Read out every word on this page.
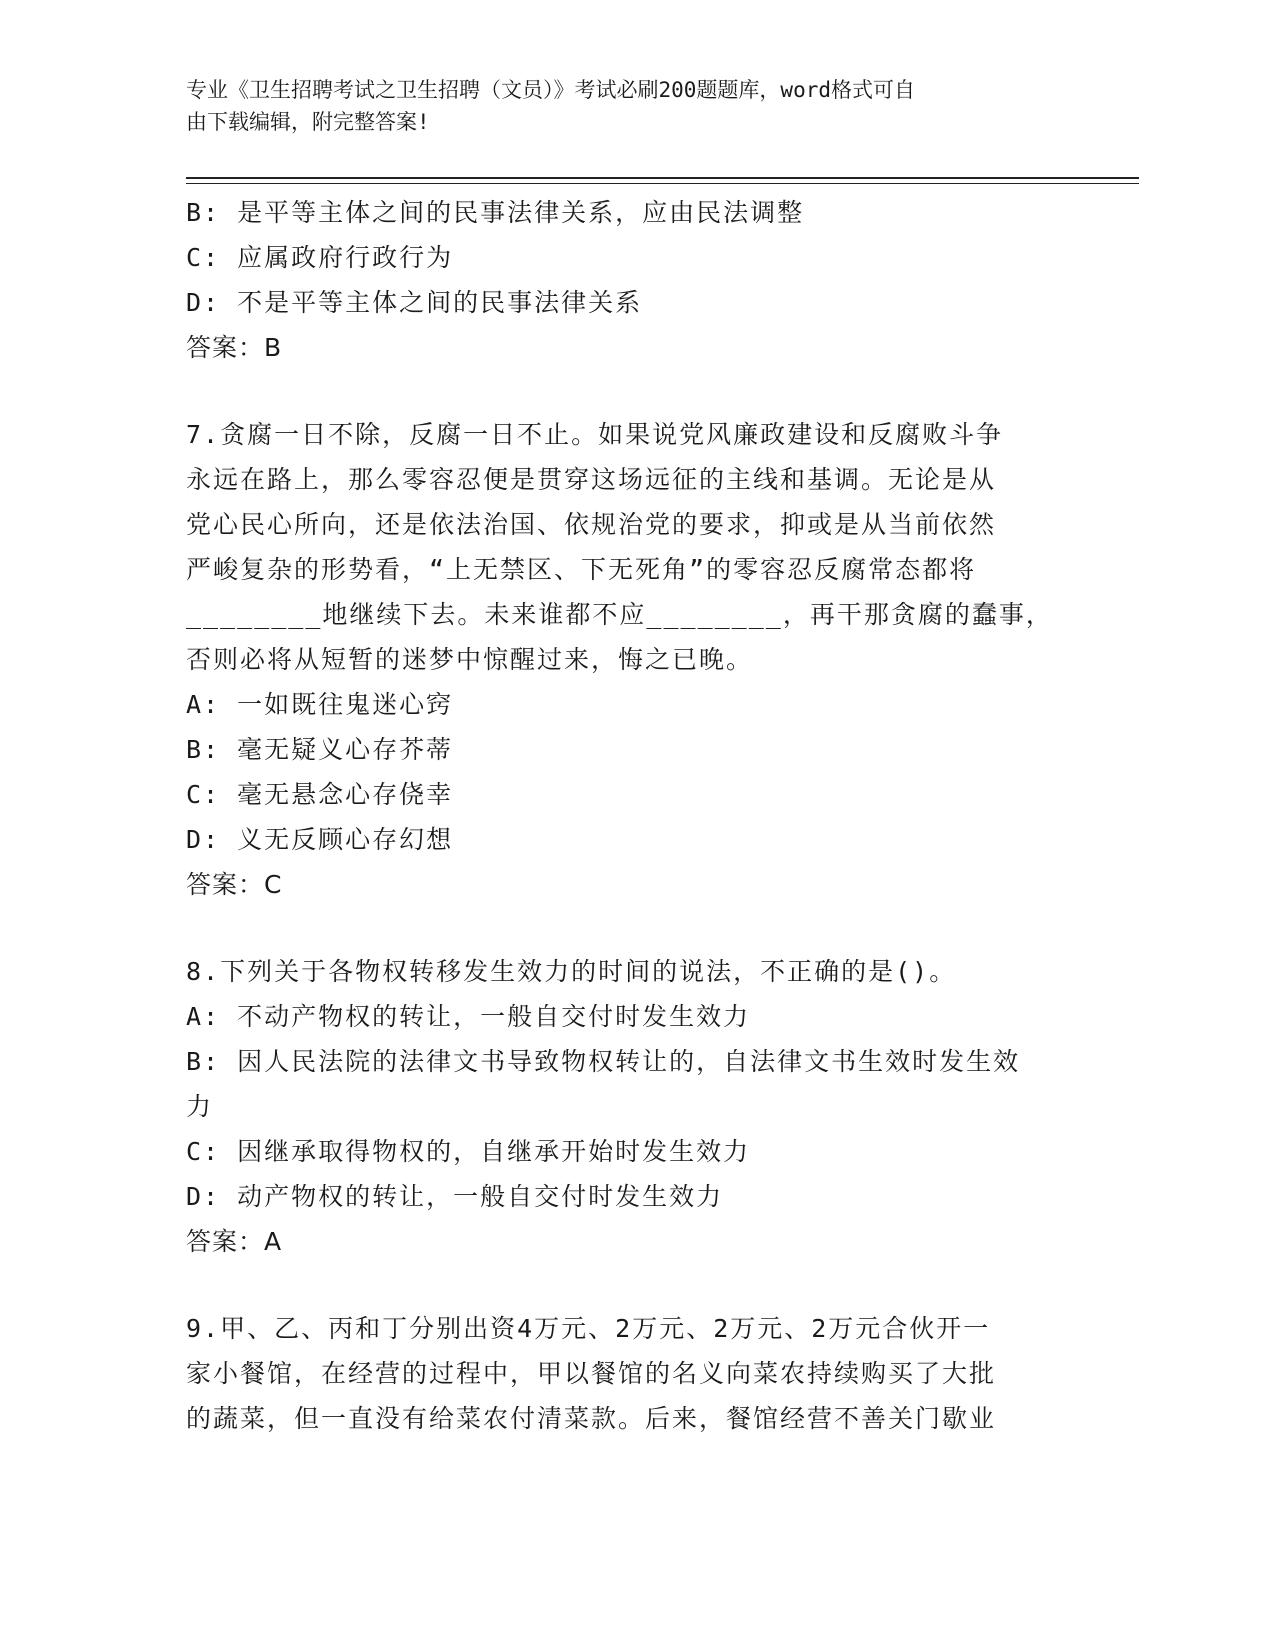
专业《卫生招聘考试之卫生招聘（文员）》考试必刷200题题库，word格式可自
由下载编辑，附完整答案!
B: 是平等主体之间的民事法律关系，应由民法调整
C: 应属政府行政行为
D: 不是平等主体之间的民事法律关系
答案：B
7.贪腐一日不除，反腐一日不止。如果说党风廉政建设和反腐败斗争
永远在路上，那么零容忍便是贯穿这场远征的主线和基调。无论是从
党心民心所向，还是依法治国、依规治党的要求，抑或是从当前依然
严峻复杂的形势看，“上无禁区、下无死角”的零容忍反腐常态都将
________地继续下去。未来谁都不应________，再干那贪腐的蠢事，
否则必将从短暂的迷梦中惊醒过来，悔之已晚。
A: 一如既往鬼迷心窍
B: 毫无疑义心存芥蒂
C: 毫无悬念心存侥幸
D: 义无反顾心存幻想
答案：C
8.下列关于各物权转移发生效力的时间的说法，不正确的是()。
A: 不动产物权的转让，一般自交付时发生效力
B: 因人民法院的法律文书导致物权转让的，自法律文书生效时发生效
力
C: 因继承取得物权的，自继承开始时发生效力
D: 动产物权的转让，一般自交付时发生效力
答案：A
9.甲、乙、丙和丁分别出资4万元、2万元、2万元、2万元合伙开一
家小餐馆，在经营的过程中，甲以餐馆的名义向菜农持续购买了大批
的蔬菜，但一直没有给菜农付清菜款。后来，餐馆经营不善关门歇业
